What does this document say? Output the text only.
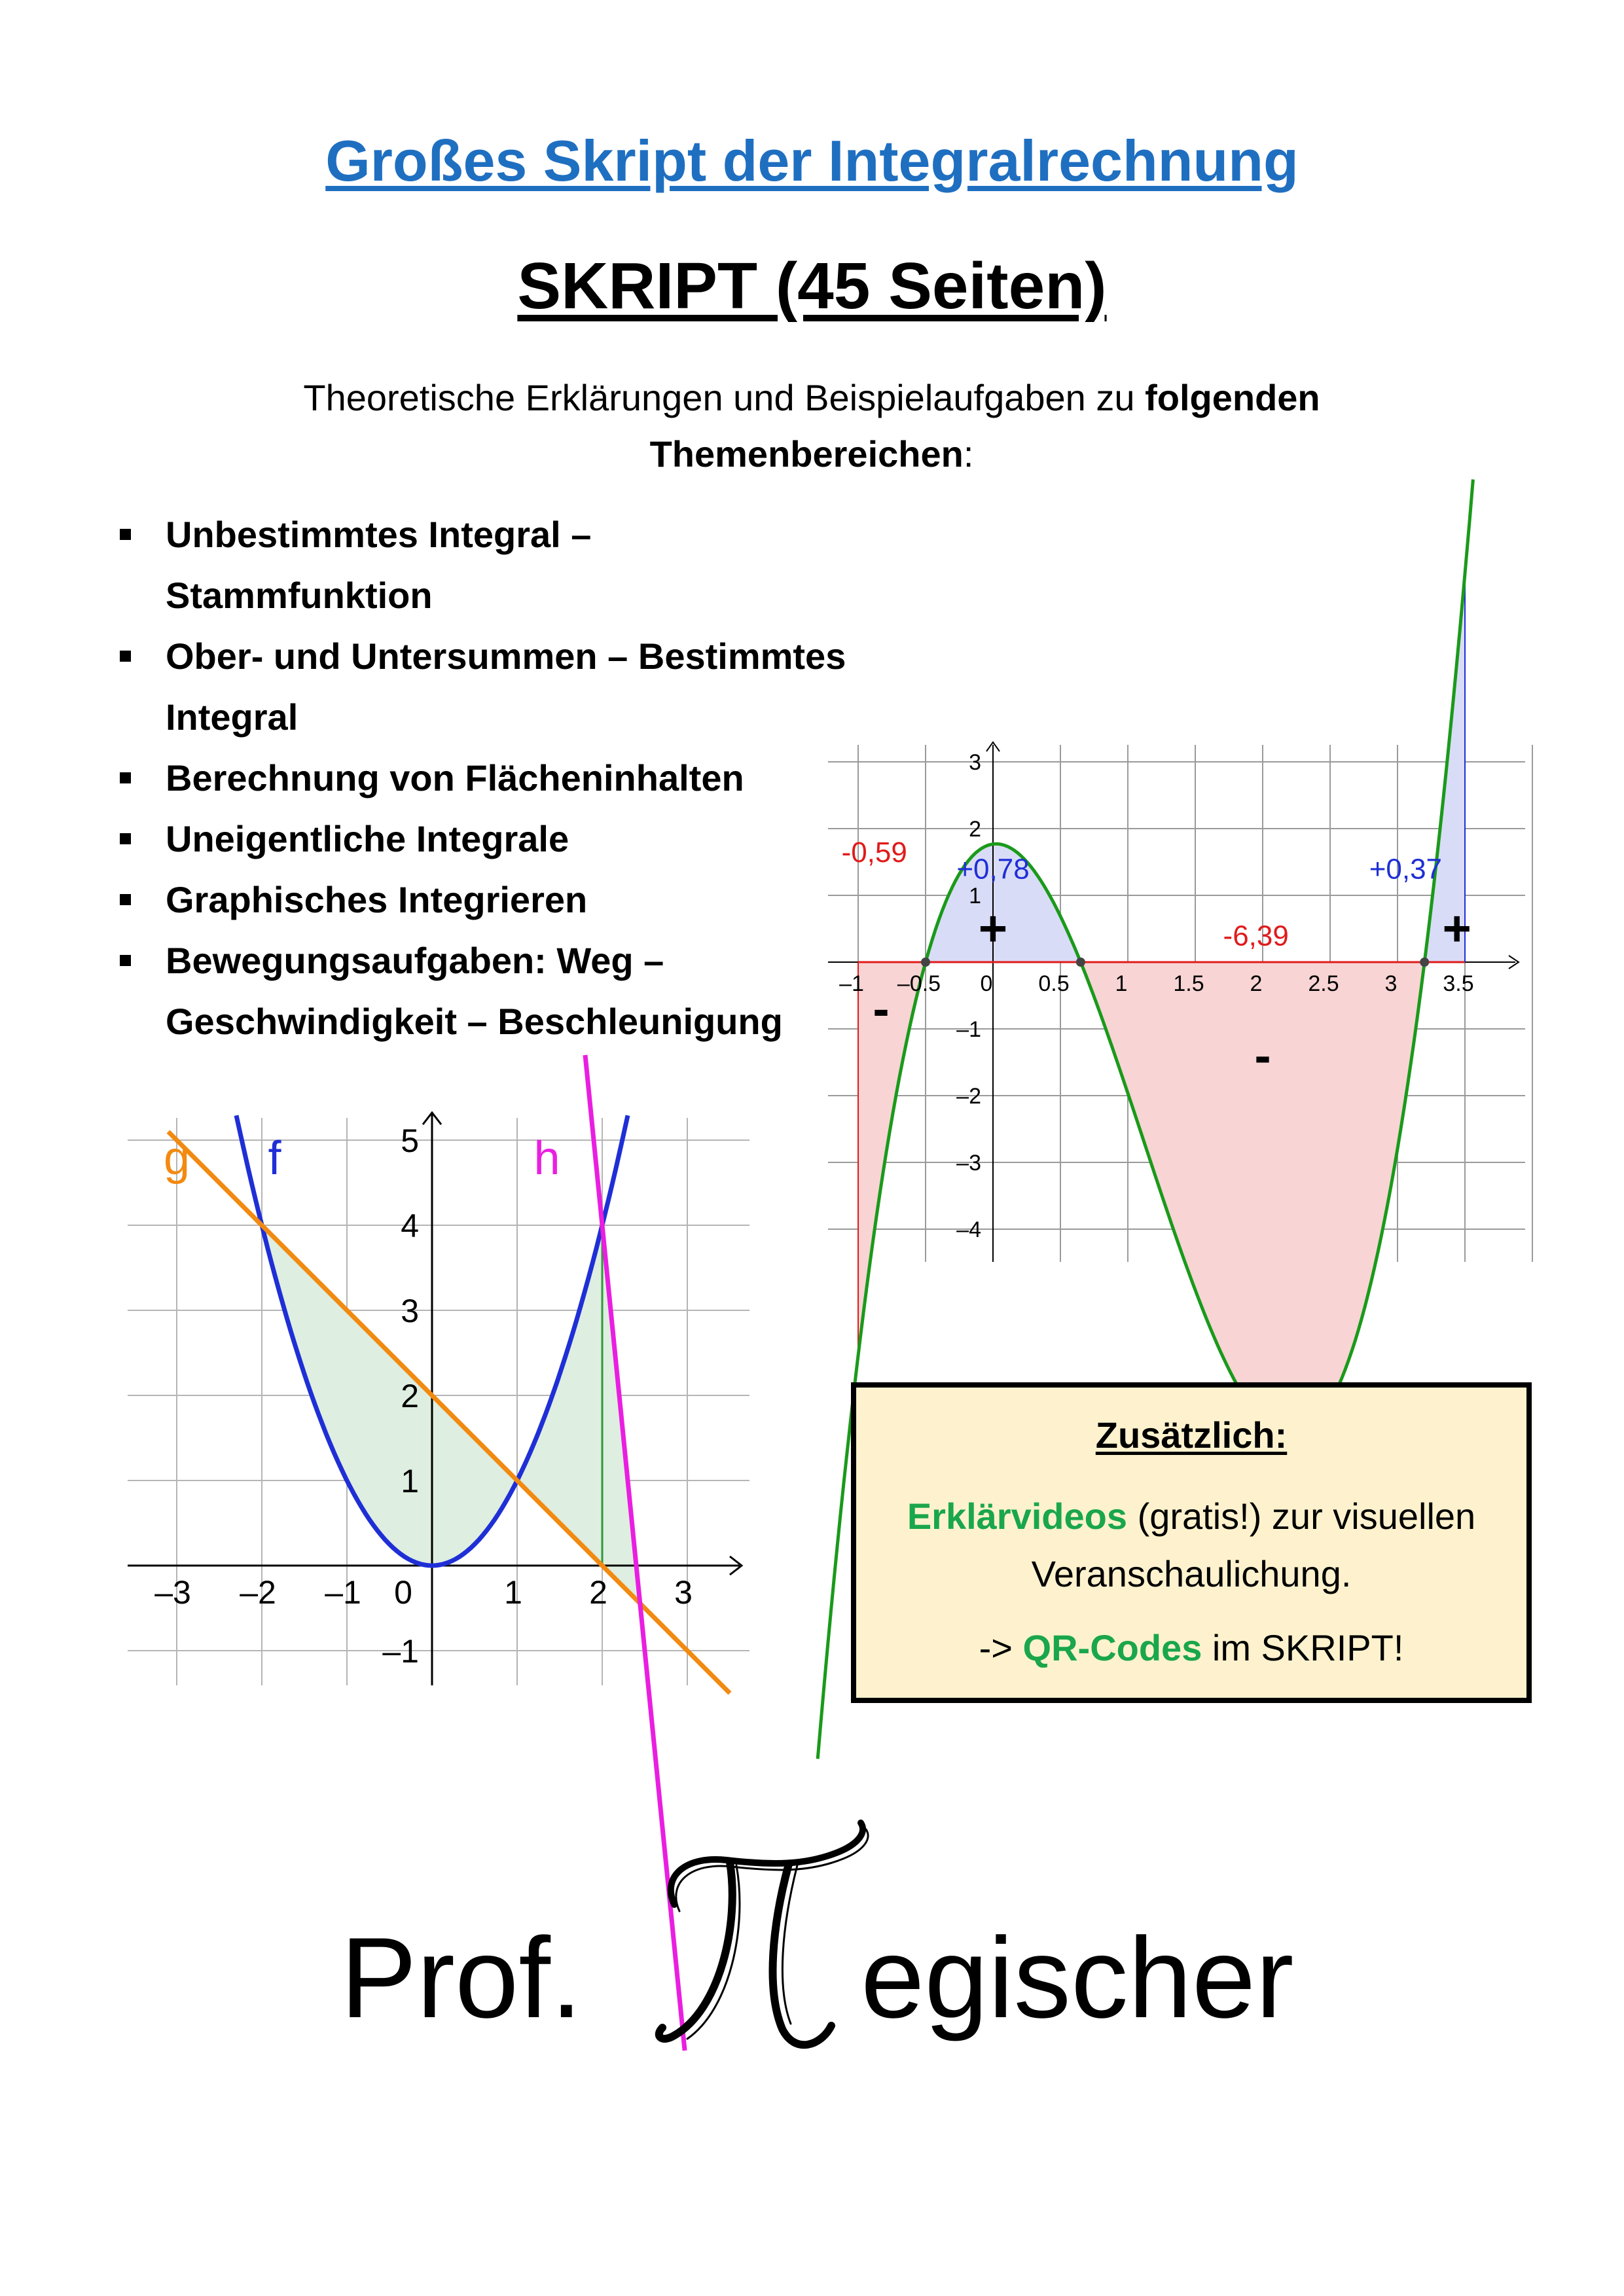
Großes Skript der Integralrechnung
SKRIPT (45 Seiten)
Theoretische Erklärungen und Beispielaufgaben zu folgenden
Themenbereichen:
Unbestimmtes Integral – Stammfunktion
Ober- und Untersummen – Bestimmtes Integral
Berechnung von Flächeninhalten
Uneigentliche Integrale
Graphisches Integrieren
Bewegungsaufgaben: Weg –
Geschwindigkeit – Beschleunigung
–1 –0.5 0 0.5 1 1.5 2 2.5 3 3.5
3
2
1
–1
–2
–3
–4
-0,59
+0,78
-6,39
+0,37
-
+
-
+
–3 –2 –1 0	1 2 3
5
4
3
2
1
–1
g f	h
Zusätzlich:
Erklärvideos (gratis!) zur visuellen Veranschaulichung.
-> QR-Codes im SKRIPT!
Prof. egischer
